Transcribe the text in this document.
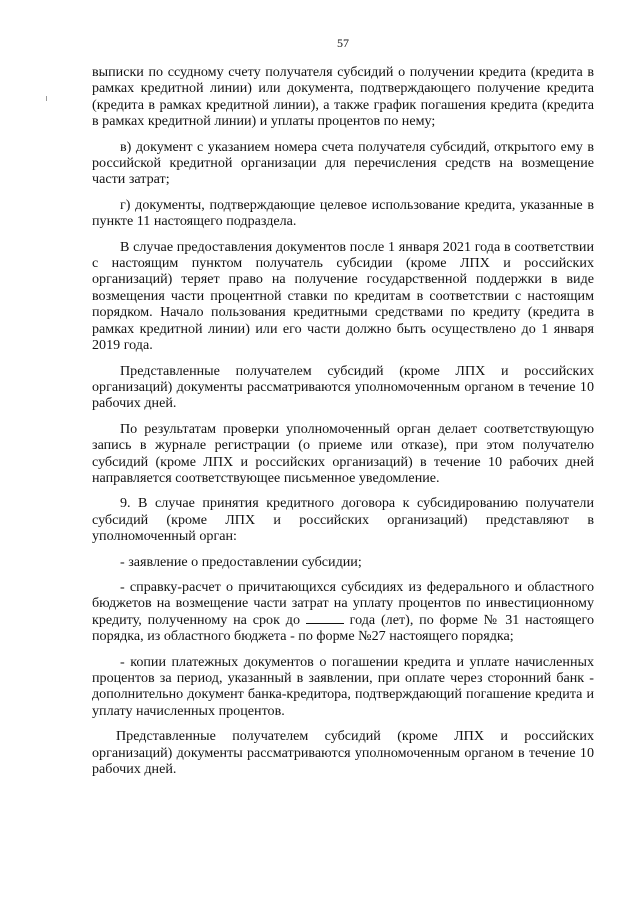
57

выписки по ссудному счету получателя субсидий о получении кредита (кредита в рамках кредитной линии) или документа, подтверждающего получение кредита (кредита в рамках кредитной линии), а также график погашения кредита (кредита в рамках кредитной линии) и уплаты процентов по нему;

в) документ с указанием номера счета получателя субсидий, открытого ему в российской кредитной организации для перечисления средств на возмещение части затрат;

г) документы, подтверждающие целевое использование кредита, указанные в пункте 11 настоящего подраздела.

В случае предоставления документов после 1 января 2021 года в соответствии с настоящим пунктом получатель субсидии (кроме ЛПХ и российских организаций) теряет право на получение государственной поддержки в виде возмещения части процентной ставки по кредитам в соответствии с настоящим порядком. Начало пользования кредитными средствами по кредиту (кредита в рамках кредитной линии) или его части должно быть осуществлено до 1 января 2019 года.

Представленные получателем субсидий (кроме ЛПХ и российских организаций) документы рассматриваются уполномоченным органом в течение 10 рабочих дней.

По результатам проверки уполномоченный орган делает соответствующую запись в журнале регистрации (о приеме или отказе), при этом получателю субсидий (кроме ЛПХ и российских организаций) в течение 10 рабочих дней направляется соответствующее письменное уведомление.

9. В случае принятия кредитного договора к субсидированию получатели субсидий (кроме ЛПХ и российских организаций) представляют в уполномоченный орган:

- заявление о предоставлении субсидии;

- справку-расчет о причитающихся субсидиях из федерального и областного бюджетов на возмещение части затрат на уплату процентов по инвестиционному кредиту, полученному на срок до	года (лет), по форме № 31 настоящего порядка, из областного бюджета - по форме №27 настоящего порядка;

- копии платежных документов о погашении кредита и уплате начисленных процентов за период, указанный в заявлении, при оплате через сторонний банк - дополнительно документ банка-кредитора, подтверждающий погашение кредита и уплату начисленных процентов.

Представленные получателем субсидий (кроме ЛПХ и российских организаций) документы рассматриваются уполномоченным органом в течение 10 рабочих дней.
